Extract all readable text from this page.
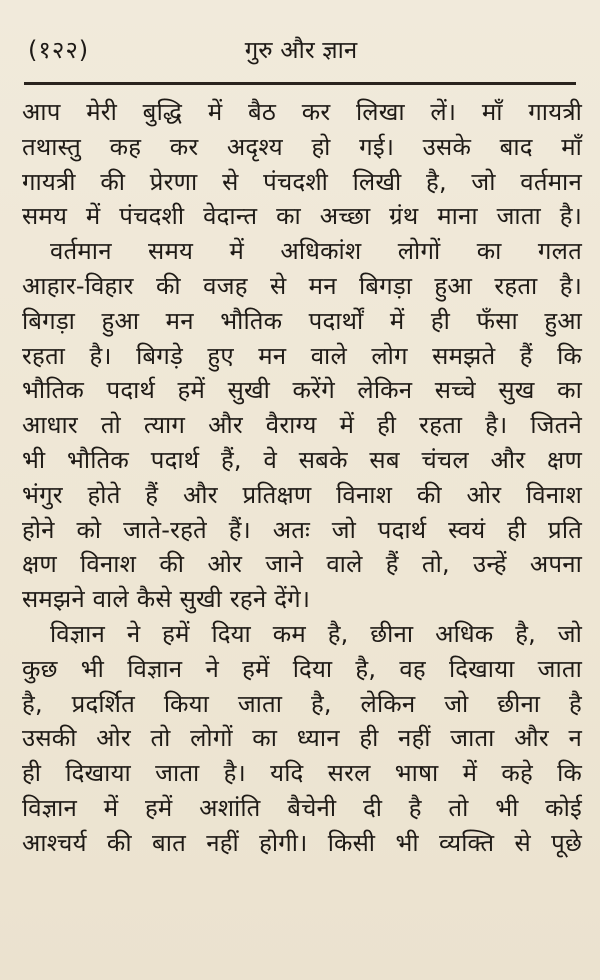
(१२२)	गुरु और ज्ञान
आप मेरी बुद्धि में बैठ कर लिखा लें। माँ गायत्री
तथास्तु कह कर अदृश्य हो गई। उसके बाद माँ
गायत्री की प्रेरणा से पंचदशी लिखी है, जो वर्तमान
समय में पंचदशी वेदान्त का अच्छा ग्रंथ माना जाता है।
वर्तमान समय में अधिकांश लोगों का गलत
आहार-विहार की वजह से मन बिगड़ा हुआ रहता है।
बिगड़ा हुआ मन भौतिक पदार्थों में ही फँसा हुआ
रहता है। बिगड़े हुए मन वाले लोग समझते हैं कि
भौतिक पदार्थ हमें सुखी करेंगे लेकिन सच्चे सुख का
आधार तो त्याग और वैराग्य में ही रहता है। जितने
भी भौतिक पदार्थ हैं, वे सबके सब चंचल और क्षण
भंगुर होते हैं और प्रतिक्षण विनाश की ओर विनाश
होने को जाते-रहते हैं। अतः जो पदार्थ स्वयं ही प्रति
क्षण विनाश की ओर जाने वाले हैं तो, उन्हें अपना
समझने वाले कैसे सुखी रहने देंगे।
विज्ञान ने हमें दिया कम है, छीना अधिक है, जो
कुछ भी विज्ञान ने हमें दिया है, वह दिखाया जाता
है, प्रदर्शित किया जाता है, लेकिन जो छीना है
उसकी ओर तो लोगों का ध्यान ही नहीं जाता और न
ही दिखाया जाता है। यदि सरल भाषा में कहे कि
विज्ञान में हमें अशांति बैचेनी दी है तो भी कोई
आश्चर्य की बात नहीं होगी। किसी भी व्यक्ति से पूछे
